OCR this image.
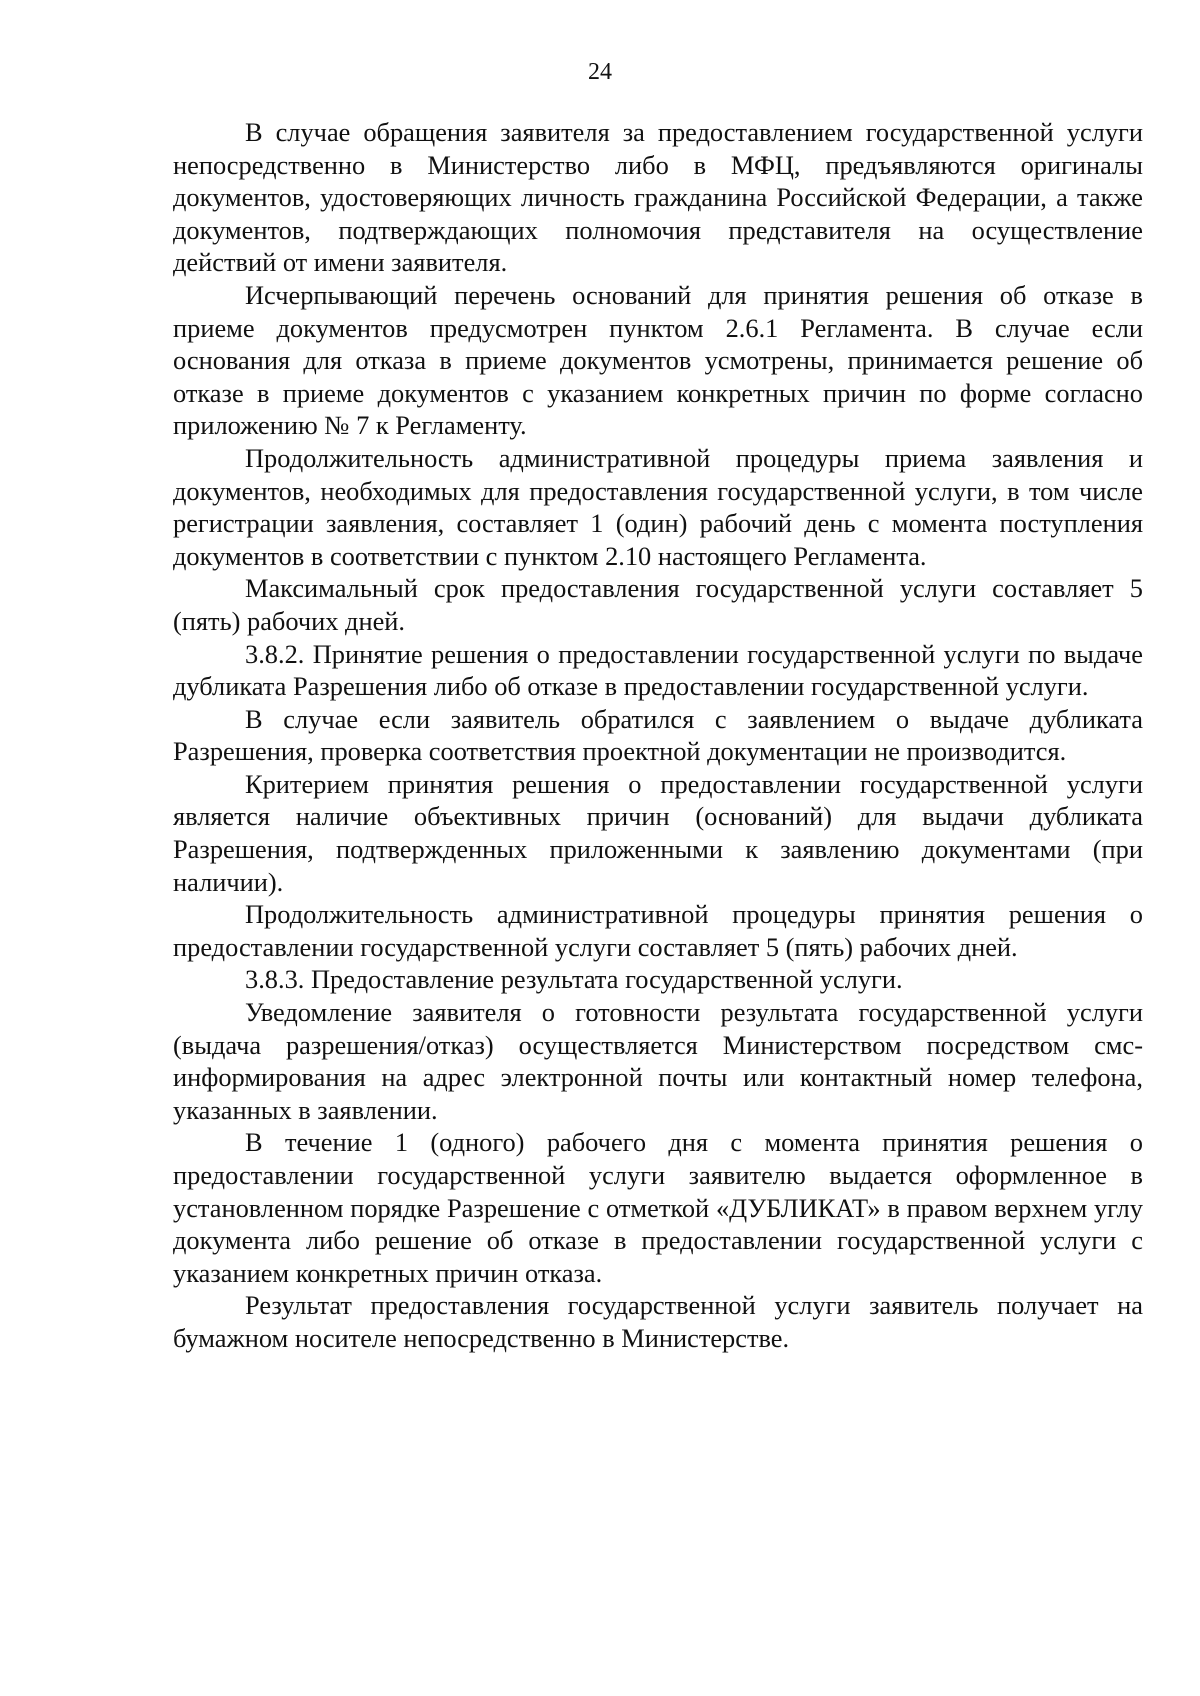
24

В случае обращения заявителя за предоставлением государственной услуги непосредственно в Министерство либо в МФЦ, предъявляются оригиналы документов, удостоверяющих личность гражданина Российской Федерации, а также документов, подтверждающих полномочия представителя на осуществление действий от имени заявителя.

Исчерпывающий перечень оснований для принятия решения об отказе в приеме документов предусмотрен пунктом 2.6.1 Регламента. В случае если основания для отказа в приеме документов усмотрены, принимается решение об отказе в приеме документов с указанием конкретных причин по форме согласно приложению № 7 к Регламенту.

Продолжительность административной процедуры приема заявления и документов, необходимых для предоставления государственной услуги, в том числе регистрации заявления, составляет 1 (один) рабочий день с момента поступления документов в соответствии с пунктом 2.10 настоящего Регламента.

Максимальный срок предоставления государственной услуги составляет 5 (пять) рабочих дней.

3.8.2. Принятие решения о предоставлении государственной услуги по выдаче дубликата Разрешения либо об отказе в предоставлении государственной услуги.

В случае если заявитель обратился с заявлением о выдаче дубликата Разрешения, проверка соответствия проектной документации не производится.

Критерием принятия решения о предоставлении государственной услуги является наличие объективных причин (оснований) для выдачи дубликата Разрешения, подтвержденных приложенными к заявлению документами (при наличии).

Продолжительность административной процедуры принятия решения о предоставлении государственной услуги составляет 5 (пять) рабочих дней.

3.8.3. Предоставление результата государственной услуги.

Уведомление заявителя о готовности результата государственной услуги (выдача разрешения/отказ) осуществляется Министерством посредством смс-информирования на адрес электронной почты или контактный номер телефона, указанных в заявлении.

В течение 1 (одного) рабочего дня с момента принятия решения о предоставлении государственной услуги заявителю выдается оформленное в установленном порядке Разрешение с отметкой «ДУБЛИКАТ» в правом верхнем углу документа либо решение об отказе в предоставлении государственной услуги с указанием конкретных причин отказа.

Результат предоставления государственной услуги заявитель получает на бумажном носителе непосредственно в Министерстве.
